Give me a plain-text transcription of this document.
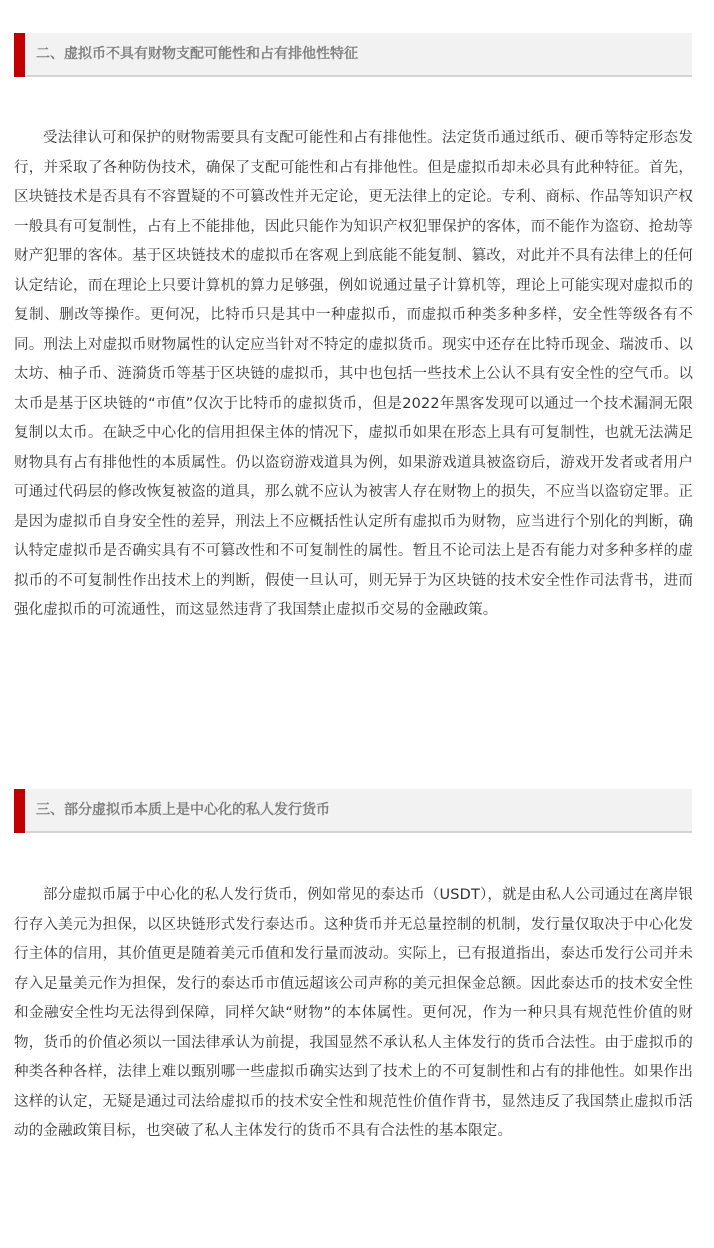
二、虚拟币不具有财物支配可能性和占有排他性特征

受法律认可和保护的财物需要具有支配可能性和占有排他性。法定货币通过纸币、硬币等特定形态发行，并采取了各种防伪技术，确保了支配可能性和占有排他性。但是虚拟币却未必具有此种特征。首先，区块链技术是否具有不容置疑的不可篡改性并无定论，更无法律上的定论。专利、商标、作品等知识产权一般具有可复制性，占有上不能排他，因此只能作为知识产权犯罪保护的客体，而不能作为盗窃、抢劫等财产犯罪的客体。基于区块链技术的虚拟币在客观上到底能不能复制、篡改，对此并不具有法律上的任何认定结论，而在理论上只要计算机的算力足够强，例如说通过量子计算机等，理论上可能实现对虚拟币的复制、删改等操作。更何况，比特币只是其中一种虚拟币，而虚拟币种类多种多样，安全性等级各有不同。刑法上对虚拟币财物属性的认定应当针对不特定的虚拟货币。现实中还存在比特币现金、瑞波币、以太坊、柚子币、涟漪货币等基于区块链的虚拟币，其中也包括一些技术上公认不具有安全性的空气币。以太币是基于区块链的“市值”仅次于比特币的虚拟货币，但是2022年黑客发现可以通过一个技术漏洞无限复制以太币。在缺乏中心化的信用担保主体的情况下，虚拟币如果在形态上具有可复制性，也就无法满足财物具有占有排他性的本质属性。仍以盗窃游戏道具为例，如果游戏道具被盗窃后，游戏开发者或者用户可通过代码层的修改恢复被盗的道具，那么就不应认为被害人存在财物上的损失，不应当以盗窃定罪。正是因为虚拟币自身安全性的差异，刑法上不应概括性认定所有虚拟币为财物，应当进行个别化的判断，确认特定虚拟币是否确实具有不可篡改性和不可复制性的属性。暂且不论司法上是否有能力对多种多样的虚拟币的不可复制性作出技术上的判断，假使一旦认可，则无异于为区块链的技术安全性作司法背书，进而强化虚拟币的可流通性，而这显然违背了我国禁止虚拟币交易的金融政策。

三、部分虚拟币本质上是中心化的私人发行货币

部分虚拟币属于中心化的私人发行货币，例如常见的泰达币（USDT），就是由私人公司通过在离岸银行存入美元为担保，以区块链形式发行泰达币。这种货币并无总量控制的机制，发行量仅取决于中心化发行主体的信用，其价值更是随着美元币值和发行量而波动。实际上，已有报道指出，泰达币发行公司并未存入足量美元作为担保，发行的泰达币市值远超该公司声称的美元担保金总额。因此泰达币的技术安全性和金融安全性均无法得到保障，同样欠缺“财物”的本体属性。更何况，作为一种只具有规范性价值的财物，货币的价值必须以一国法律承认为前提，我国显然不承认私人主体发行的货币合法性。由于虚拟币的种类各种各样，法律上难以甄别哪一些虚拟币确实达到了技术上的不可复制性和占有的排他性。如果作出这样的认定，无疑是通过司法给虚拟币的技术安全性和规范性价值作背书，显然违反了我国禁止虚拟币活动的金融政策目标，也突破了私人主体发行的货币不具有合法性的基本限定。
